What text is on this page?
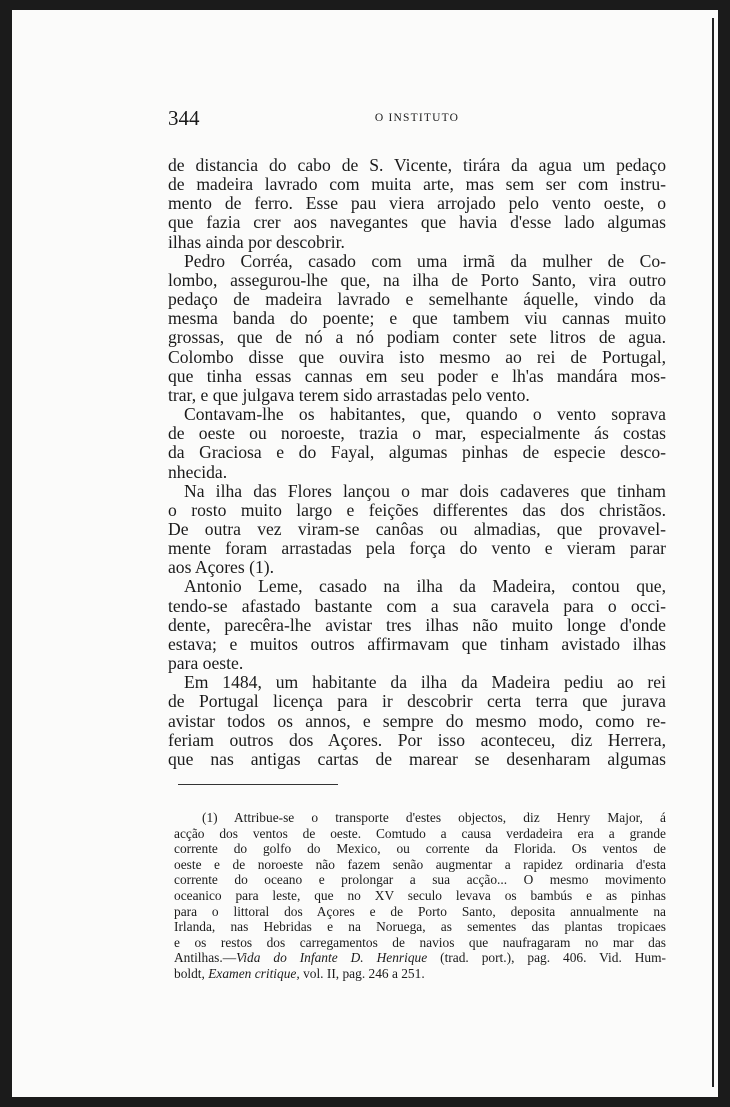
344	O INSTITUTO
de distancia do cabo de S. Vicente, tirára da agua um pedaço
de madeira lavrado com muita arte, mas sem ser com instru-
mento de ferro. Esse pau viera arrojado pelo vento oeste, o
que fazia crer aos navegantes que havia d'esse lado algumas
ilhas ainda por descobrir.
Pedro Corréa, casado com uma irmã da mulher de Co-
lombo, assegurou-lhe que, na ilha de Porto Santo, vira outro
pedaço de madeira lavrado e semelhante áquelle, vindo da
mesma banda do poente; e que tambem viu cannas muito
grossas, que de nó a nó podiam conter sete litros de agua.
Colombo disse que ouvira isto mesmo ao rei de Portugal,
que tinha essas cannas em seu poder e lh'as mandára mos-
trar, e que julgava terem sido arrastadas pelo vento.
Contavam-lhe os habitantes, que, quando o vento soprava
de oeste ou noroeste, trazia o mar, especialmente ás costas
da Graciosa e do Fayal, algumas pinhas de especie desco-
nhecida.
Na ilha das Flores lançou o mar dois cadaveres que tinham
o rosto muito largo e feições differentes das dos christãos.
De outra vez viram-se canôas ou almadias, que provavel-
mente foram arrastadas pela força do vento e vieram parar
aos Açores (1).
Antonio Leme, casado na ilha da Madeira, contou que,
tendo-se afastado bastante com a sua caravela para o occi-
dente, parecêra-lhe avistar tres ilhas não muito longe d'onde
estava; e muitos outros affirmavam que tinham avistado ilhas
para oeste.
Em 1484, um habitante da ilha da Madeira pediu ao rei
de Portugal licença para ir descobrir certa terra que jurava
avistar todos os annos, e sempre do mesmo modo, como re-
feriam outros dos Açores. Por isso aconteceu, diz Herrera,
que nas antigas cartas de marear se desenharam algumas
(1) Attribue-se o transporte d'estes objectos, diz Henry Major, á
acção dos ventos de oeste. Comtudo a causa verdadeira era a grande
corrente do golfo do Mexico, ou corrente da Florida. Os ventos de
oeste e de noroeste não fazem senão augmentar a rapidez ordinaria d'esta
corrente do oceano e prolongar a sua acção... O mesmo movimento
oceanico para leste, que no XV seculo levava os bambús e as pinhas
para o littoral dos Açores e de Porto Santo, deposita annualmente na
Irlanda, nas Hebridas e na Noruega, as sementes das plantas tropicaes
e os restos dos carregamentos de navios que naufragaram no mar das
Antilhas.—Vida do Infante D. Henrique (trad. port.), pag. 406. Vid. Hum-
boldt, Examen critique, vol. II, pag. 246 a 251.
